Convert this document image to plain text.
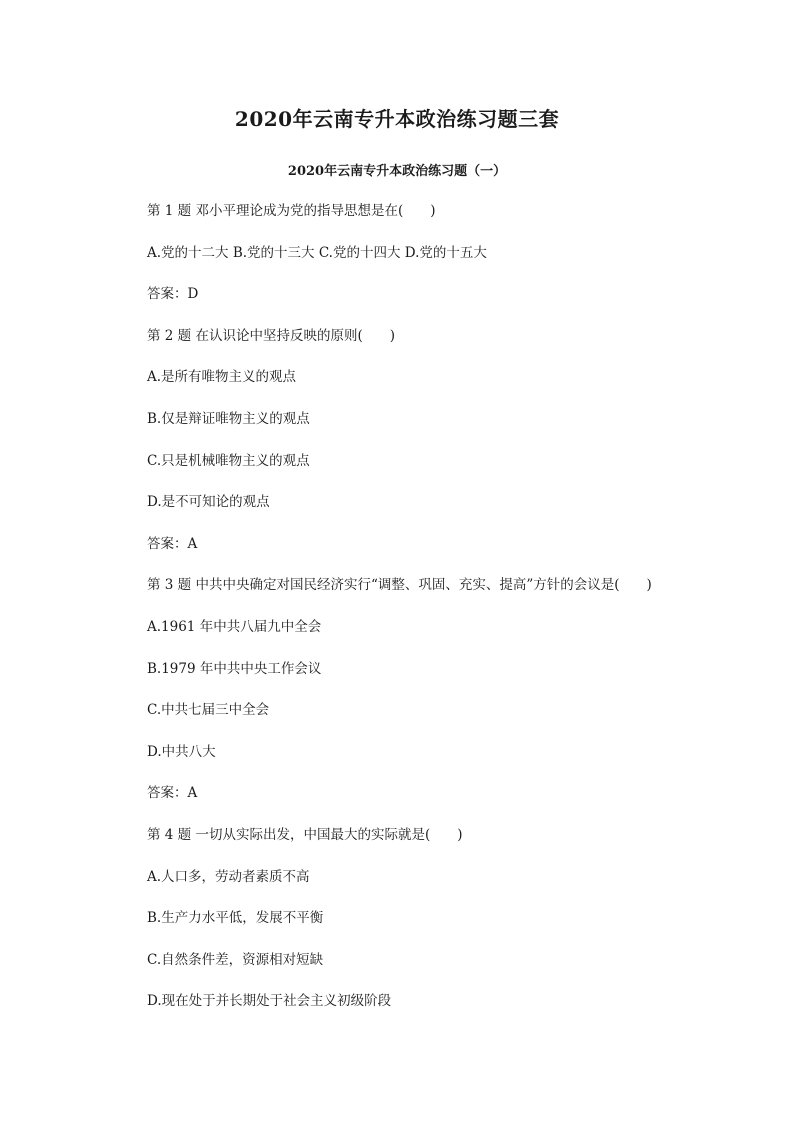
2020年云南专升本政治练习题三套
2020年云南专升本政治练习题（一）
第 1 题 邓小平理论成为党的指导思想是在(　　)
A.党的十二大 B.党的十三大 C.党的十四大 D.党的十五大
答案：D
第 2 题 在认识论中坚持反映的原则(　　)
A.是所有唯物主义的观点
B.仅是辩证唯物主义的观点
C.只是机械唯物主义的观点
D.是不可知论的观点
答案：A
第 3 题 中共中央确定对国民经济实行“调整、巩固、充实、提高”方针的会议是(　　)
A.1961 年中共八届九中全会
B.1979 年中共中央工作会议
C.中共七届三中全会
D.中共八大
答案：A
第 4 题 一切从实际出发，中国最大的实际就是(　　)
A.人口多，劳动者素质不高
B.生产力水平低，发展不平衡
C.自然条件差，资源相对短缺
D.现在处于并长期处于社会主义初级阶段
